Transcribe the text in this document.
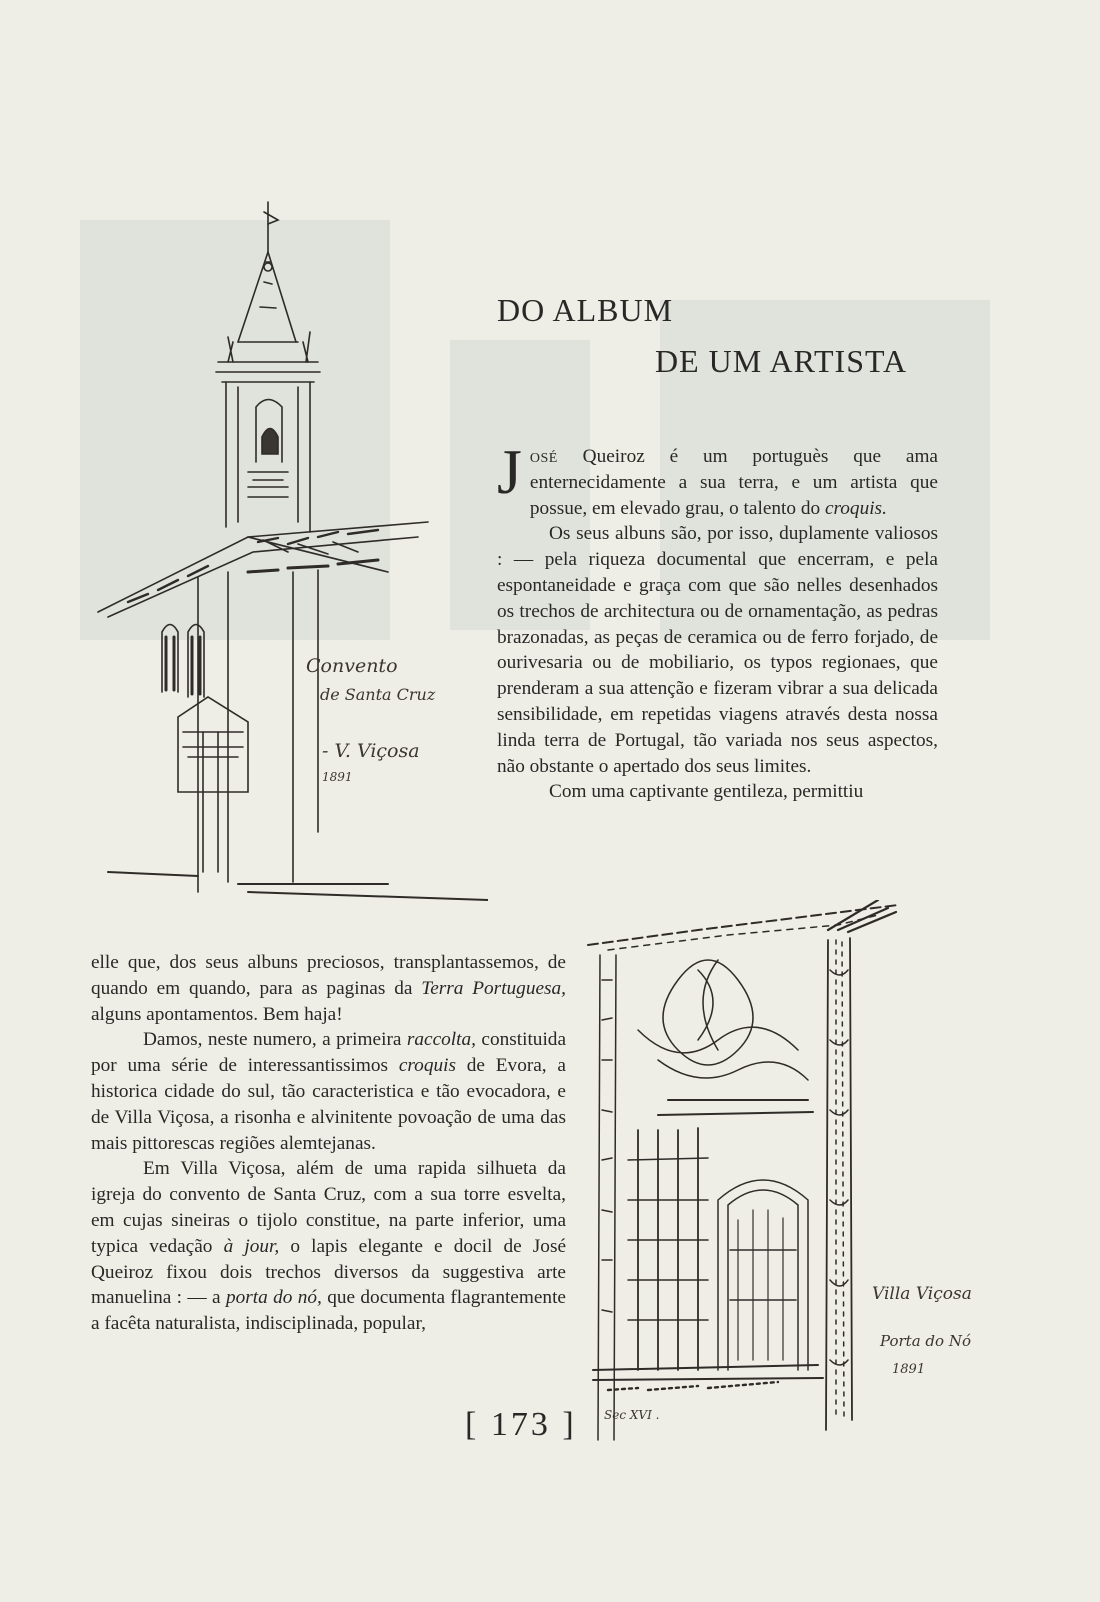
DO ALBUM
DE UM ARTISTA
Convento
de Santa Cruz
- V. Viçosa
1891

José Queiroz é um portuguès que ama enternecidamente a sua terra, e um artista que possue, em elevado grau, o talento do croquis.

Os seus albuns são, por isso, duplamente valiosos : — pela riqueza documental que encerram, e pela espontaneidade e graça com que são nelles desenhados os trechos de architectura ou de ornamentação, as pedras brazonadas, as peças de ceramica ou de ferro forjado, de ourivesaria ou de mobiliario, os typos regionaes, que prenderam a sua attenção e fizeram vibrar a sua delicada sensibilidade, em repetidas viagens através desta nossa linda terra de Portugal, tão variada nos seus aspectos, não obstante o apertado dos seus limites.

Com uma captivante gentileza, permittiu

elle que, dos seus albuns preciosos, transplantassemos, de quando em quando, para as paginas da Terra Portuguesa, alguns apontamentos. Bem haja!

Damos, neste numero, a primeira raccolta, constituida por uma série de interessantissimos croquis de Evora, a historica cidade do sul, tão caracteristica e tão evocadora, e de Villa Viçosa, a risonha e alvinitente povoação de uma das mais pittorescas regiões alemtejanas.

Em Villa Viçosa, além de uma rapida silhueta da igreja do convento de Santa Cruz, com a sua torre esvelta, em cujas sineiras o tijolo constitue, na parte inferior, uma typica vedação à jour, o lapis elegante e docil de José Queiroz fixou dois trechos diversos da suggestiva arte manuelina : — a porta do nó, que documenta flagrantemente a facêta naturalista, indisciplinada, popular,

Villa Viçosa
Porta do Nó
1891
Sec XVI .
[ 173 ]
